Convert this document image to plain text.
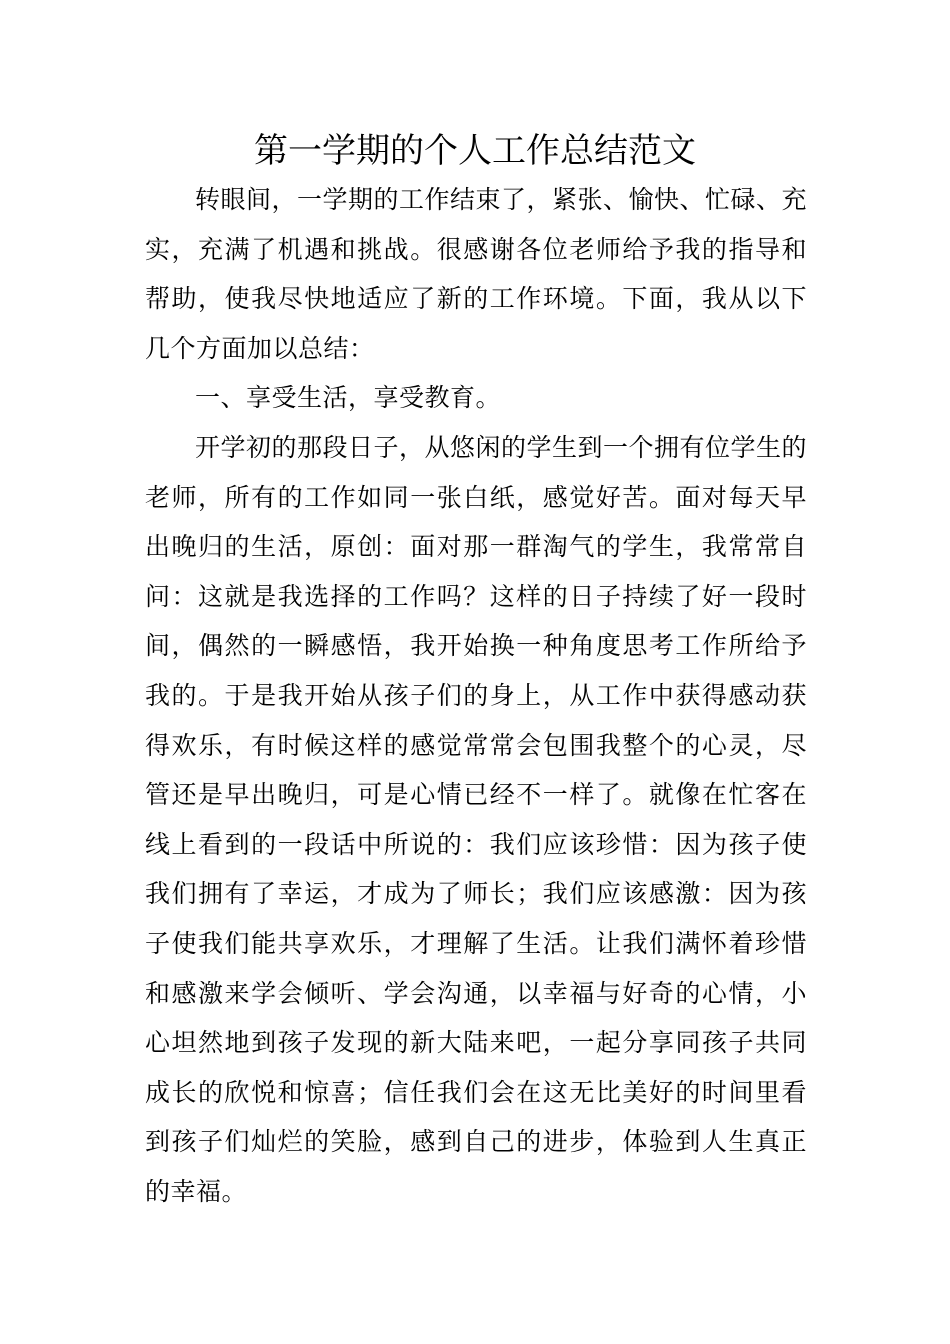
第一学期的个人工作总结范文

转眼间，一学期的工作结束了，紧张、愉快、忙碌、充实，充满了机遇和挑战。很感谢各位老师给予我的指导和帮助，使我尽快地适应了新的工作环境。下面，我从以下几个方面加以总结：

一、享受生活，享受教育。

开学初的那段日子，从悠闲的学生到一个拥有位学生的老师，所有的工作如同一张白纸，感觉好苦。面对每天早出晚归的生活，原创：面对那一群淘气的学生，我常常自问：这就是我选择的工作吗？这样的日子持续了好一段时间，偶然的一瞬感悟，我开始换一种角度思考工作所给予我的。于是我开始从孩子们的身上，从工作中获得感动获得欢乐，有时候这样的感觉常常会包围我整个的心灵，尽管还是早出晚归，可是心情已经不一样了。就像在忙客在线上看到的一段话中所说的：我们应该珍惜：因为孩子使我们拥有了幸运，才成为了师长；我们应该感激：因为孩子使我们能共享欢乐，才理解了生活。让我们满怀着珍惜和感激来学会倾听、学会沟通，以幸福与好奇的心情，小心坦然地到孩子发现的新大陆来吧，一起分享同孩子共同成长的欣悦和惊喜；信任我们会在这无比美好的时间里看到孩子们灿烂的笑脸，感到自己的进步，体验到人生真正的幸福。
